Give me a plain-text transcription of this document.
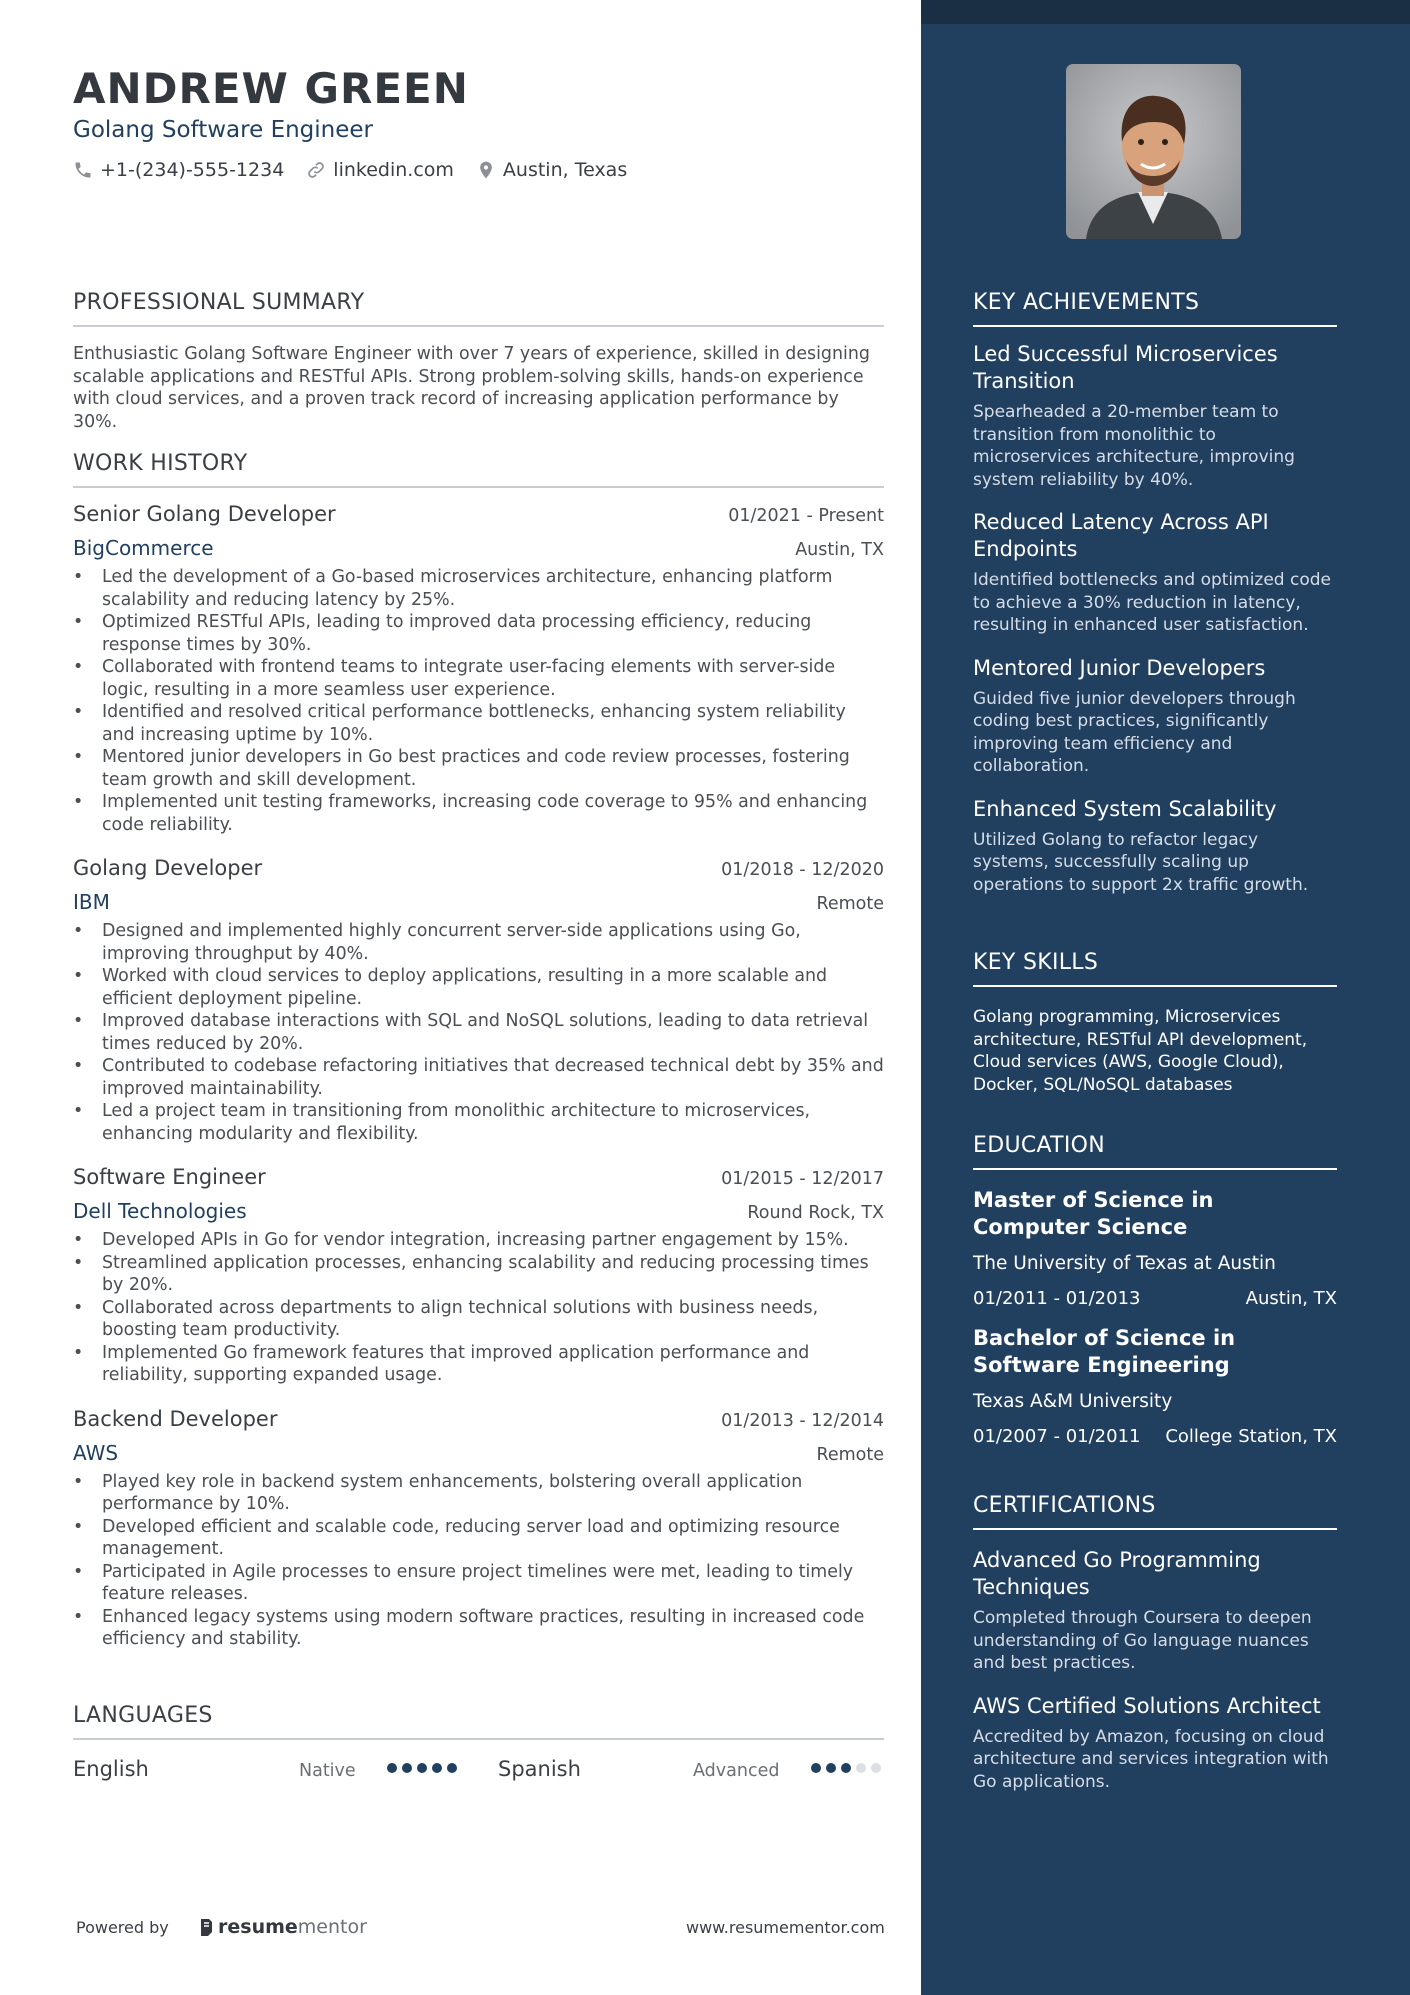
ANDREW GREEN
Golang Software Engineer
+1-(234)-555-1234	linkedin.com	Austin, Texas
PROFESSIONAL SUMMARY
Enthusiastic Golang Software Engineer with over 7 years of experience, skilled in designing scalable applications and RESTful APIs. Strong problem-solving skills, hands-on experience with cloud services, and a proven track record of increasing application performance by 30%.
WORK HISTORY
Senior Golang Developer	01/2021 - Present
BigCommerce	Austin, TX
• Led the development of a Go-based microservices architecture, enhancing platform scalability and reducing latency by 25%.
• Optimized RESTful APIs, leading to improved data processing efficiency, reducing response times by 30%.
• Collaborated with frontend teams to integrate user-facing elements with server-side logic, resulting in a more seamless user experience.
• Identified and resolved critical performance bottlenecks, enhancing system reliability and increasing uptime by 10%.
• Mentored junior developers in Go best practices and code review processes, fostering team growth and skill development.
• Implemented unit testing frameworks, increasing code coverage to 95% and enhancing code reliability.
Golang Developer	01/2018 - 12/2020
IBM	Remote
• Designed and implemented highly concurrent server-side applications using Go, improving throughput by 40%.
• Worked with cloud services to deploy applications, resulting in a more scalable and efficient deployment pipeline.
• Improved database interactions with SQL and NoSQL solutions, leading to data retrieval times reduced by 20%.
• Contributed to codebase refactoring initiatives that decreased technical debt by 35% and improved maintainability.
• Led a project team in transitioning from monolithic architecture to microservices, enhancing modularity and flexibility.
Software Engineer	01/2015 - 12/2017
Dell Technologies	Round Rock, TX
• Developed APIs in Go for vendor integration, increasing partner engagement by 15%.
• Streamlined application processes, enhancing scalability and reducing processing times by 20%.
• Collaborated across departments to align technical solutions with business needs, boosting team productivity.
• Implemented Go framework features that improved application performance and reliability, supporting expanded usage.
Backend Developer	01/2013 - 12/2014
AWS	Remote
• Played key role in backend system enhancements, bolstering overall application performance by 10%.
• Developed efficient and scalable code, reducing server load and optimizing resource management.
• Participated in Agile processes to ensure project timelines were met, leading to timely feature releases.
• Enhanced legacy systems using modern software practices, resulting in increased code efficiency and stability.
LANGUAGES
English	Native	Spanish	Advanced
Powered by	resume mentor	www.resumementor.com
KEY ACHIEVEMENTS
Led Successful Microservices Transition
Spearheaded a 20-member team to transition from monolithic to microservices architecture, improving system reliability by 40%.
Reduced Latency Across API Endpoints
Identified bottlenecks and optimized code to achieve a 30% reduction in latency, resulting in enhanced user satisfaction.
Mentored Junior Developers
Guided five junior developers through coding best practices, significantly improving team efficiency and collaboration.
Enhanced System Scalability
Utilized Golang to refactor legacy systems, successfully scaling up operations to support 2x traffic growth.
KEY SKILLS
Golang programming, Microservices architecture, RESTful API development, Cloud services (AWS, Google Cloud), Docker, SQL/NoSQL databases
EDUCATION
Master of Science in Computer Science
The University of Texas at Austin
01/2011 - 01/2013	Austin, TX
Bachelor of Science in Software Engineering
Texas A&M University
01/2007 - 01/2011 College Station, TX
CERTIFICATIONS
Advanced Go Programming Techniques
Completed through Coursera to deepen understanding of Go language nuances and best practices.
AWS Certified Solutions Architect
Accredited by Amazon, focusing on cloud architecture and services integration with Go applications.
